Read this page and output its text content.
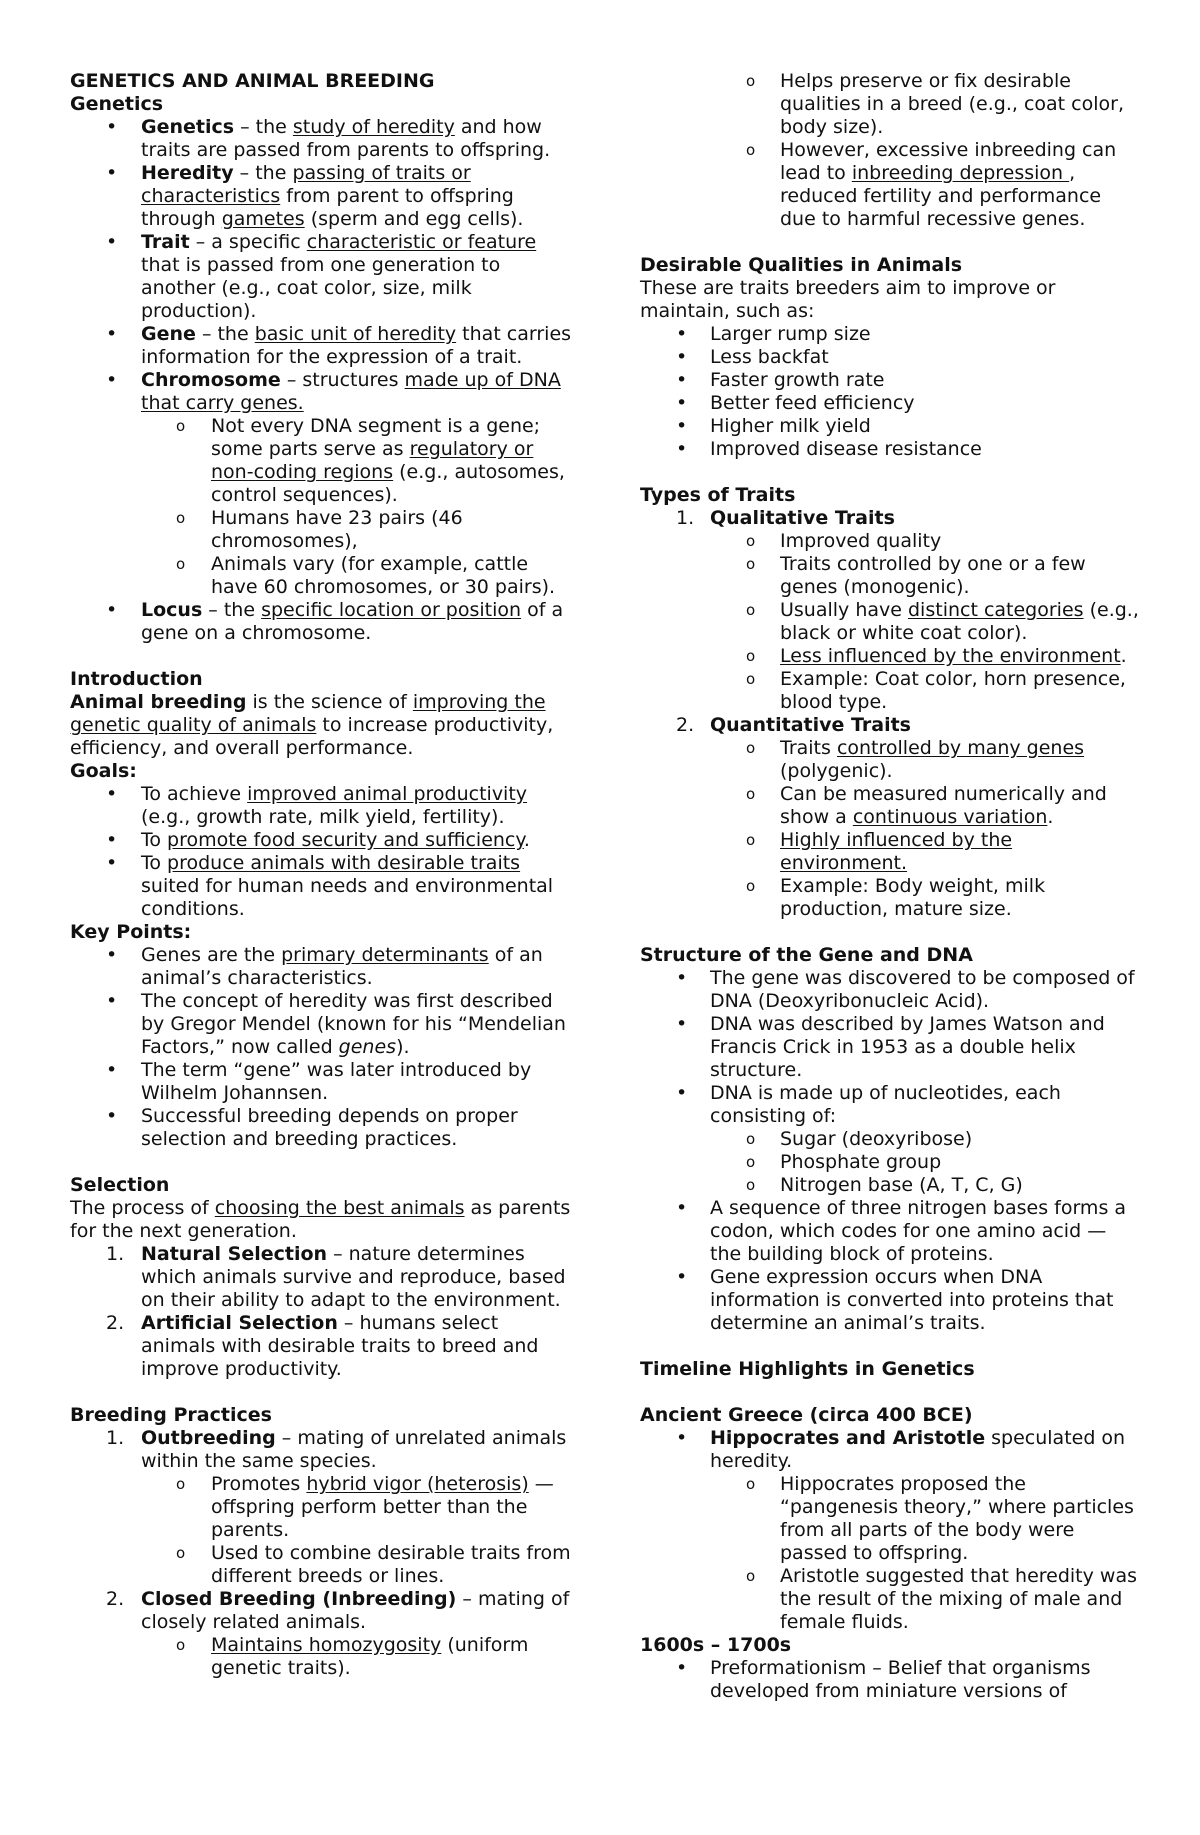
GENETICS AND ANIMAL BREEDING
Genetics
• Genetics – the study of heredity and how traits are passed from parents to offspring.
• Heredity – the passing of traits or characteristics from parent to offspring through gametes (sperm and egg cells).
• Trait – a specific characteristic or feature that is passed from one generation to another (e.g., coat color, size, milk production).
• Gene – the basic unit of heredity that carries information for the expression of a trait.
• Chromosome – structures made up of DNA that carry genes.
o Not every DNA segment is a gene; some parts serve as regulatory or non-coding regions (e.g., autosomes, control sequences).
o Humans have 23 pairs (46 chromosomes),
o Animals vary (for example, cattle have 60 chromosomes, or 30 pairs).
• Locus – the specific location or position of a gene on a chromosome.
Introduction
Animal breeding is the science of improving the genetic quality of animals to increase productivity, efficiency, and overall performance.
Goals:
• To achieve improved animal productivity (e.g., growth rate, milk yield, fertility).
• To promote food security and sufficiency.
• To produce animals with desirable traits suited for human needs and environmental conditions.
Key Points:
• Genes are the primary determinants of an animal’s characteristics.
• The concept of heredity was first described by Gregor Mendel (known for his “Mendelian Factors,” now called genes).
• The term “gene” was later introduced by Wilhelm Johannsen.
• Successful breeding depends on proper selection and breeding practices.
Selection
The process of choosing the best animals as parents for the next generation.
1. Natural Selection – nature determines which animals survive and reproduce, based on their ability to adapt to the environment.
2. Artificial Selection – humans select animals with desirable traits to breed and improve productivity.
Breeding Practices
1. Outbreeding – mating of unrelated animals within the same species.
o Promotes hybrid vigor (heterosis) — offspring perform better than the parents.
o Used to combine desirable traits from different breeds or lines.
2. Closed Breeding (Inbreeding) – mating of closely related animals.
o Maintains homozygosity (uniform genetic traits).
o Helps preserve or fix desirable qualities in a breed (e.g., coat color, body size).
o However, excessive inbreeding can lead to inbreeding depression , reduced fertility and performance due to harmful recessive genes.
Desirable Qualities in Animals
These are traits breeders aim to improve or maintain, such as:
• Larger rump size
• Less backfat
• Faster growth rate
• Better feed efficiency
• Higher milk yield
• Improved disease resistance
Types of Traits
1. Qualitative Traits
o Improved quality
o Traits controlled by one or a few genes (monogenic).
o Usually have distinct categories (e.g., black or white coat color).
o Less influenced by the environment.
o Example: Coat color, horn presence, blood type.
2. Quantitative Traits
o Traits controlled by many genes (polygenic).
o Can be measured numerically and show a continuous variation.
o Highly influenced by the environment.
o Example: Body weight, milk production, mature size.
Structure of the Gene and DNA
• The gene was discovered to be composed of DNA (Deoxyribonucleic Acid).
• DNA was described by James Watson and Francis Crick in 1953 as a double helix structure.
• DNA is made up of nucleotides, each consisting of:
o Sugar (deoxyribose)
o Phosphate group
o Nitrogen base (A, T, C, G)
• A sequence of three nitrogen bases forms a codon, which codes for one amino acid — the building block of proteins.
• Gene expression occurs when DNA information is converted into proteins that determine an animal’s traits.
Timeline Highlights in Genetics
Ancient Greece (circa 400 BCE)
• Hippocrates and Aristotle speculated on heredity.
o Hippocrates proposed the “pangenesis theory,” where particles from all parts of the body were passed to offspring.
o Aristotle suggested that heredity was the result of the mixing of male and female fluids.
1600s – 1700s
• Preformationism – Belief that organisms developed from miniature versions of
